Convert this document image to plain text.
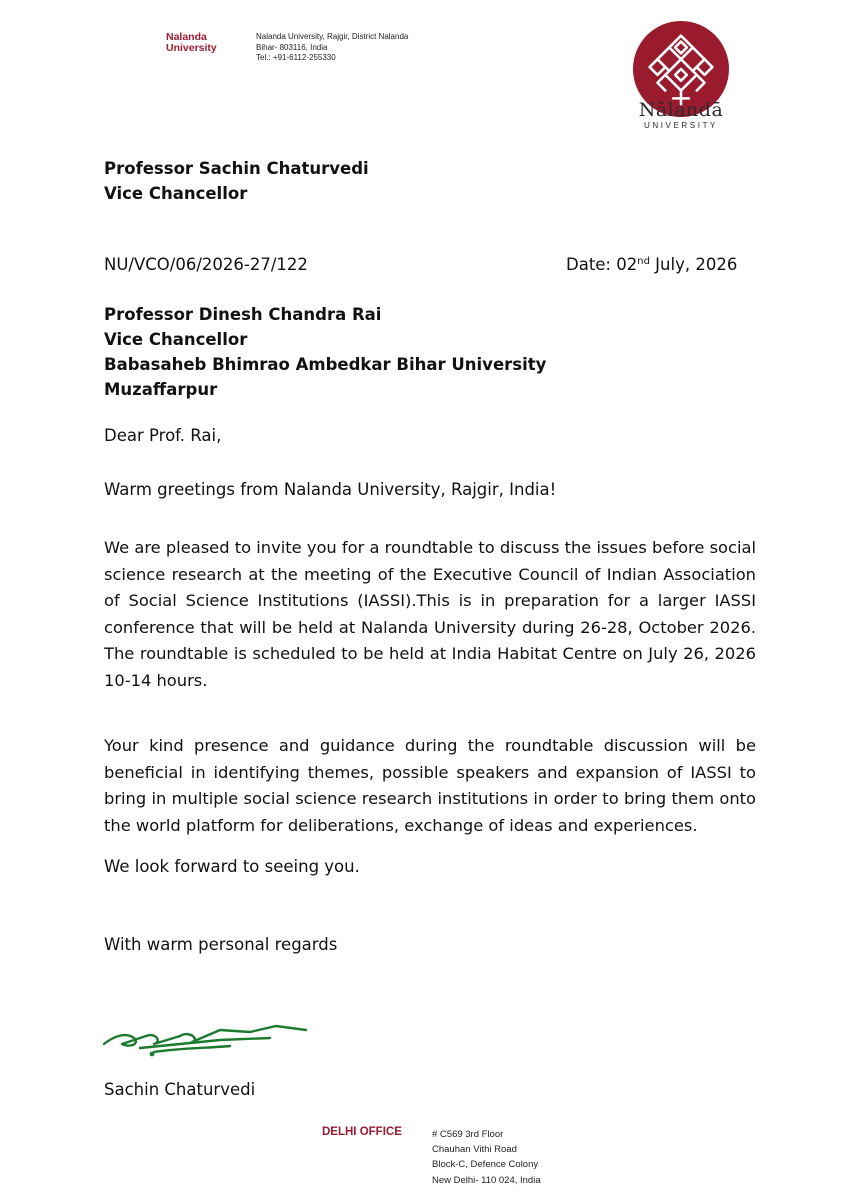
Nalanda
University
Nalanda University, Rajgir, District Nalanda
Bihar- 803116, India
Tel.: +91-6112-255330
Nālandā
UNIVERSITY
Professor Sachin Chaturvedi
Vice Chancellor
NU/VCO/06/2026-27/122	Date: 02nd July, 2026
Professor Dinesh Chandra Rai
Vice Chancellor
Babasaheb Bhimrao Ambedkar Bihar University
Muzaffarpur
Dear Prof. Rai,
Warm greetings from Nalanda University, Rajgir, India!
We are pleased to invite you for a roundtable to discuss the issues before social science research at the meeting of the Executive Council of Indian Association of Social Science Institutions (IASSI).This is in preparation for a larger IASSI conference that will be held at Nalanda University during 26-28, October 2026. The roundtable is scheduled to be held at India Habitat Centre on July 26, 2026 10-14 hours.
Your kind presence and guidance during the roundtable discussion will be beneficial in identifying themes, possible speakers and expansion of IASSI to bring in multiple social science research institutions in order to bring them onto the world platform for deliberations, exchange of ideas and experiences.
We look forward to seeing you.
With warm personal regards
Sachin Chaturvedi
DELHI OFFICE	# C569 3rd Floor
Chauhan Vithi Road
Block-C, Defence Colony
New Delhi- 110 024, India
